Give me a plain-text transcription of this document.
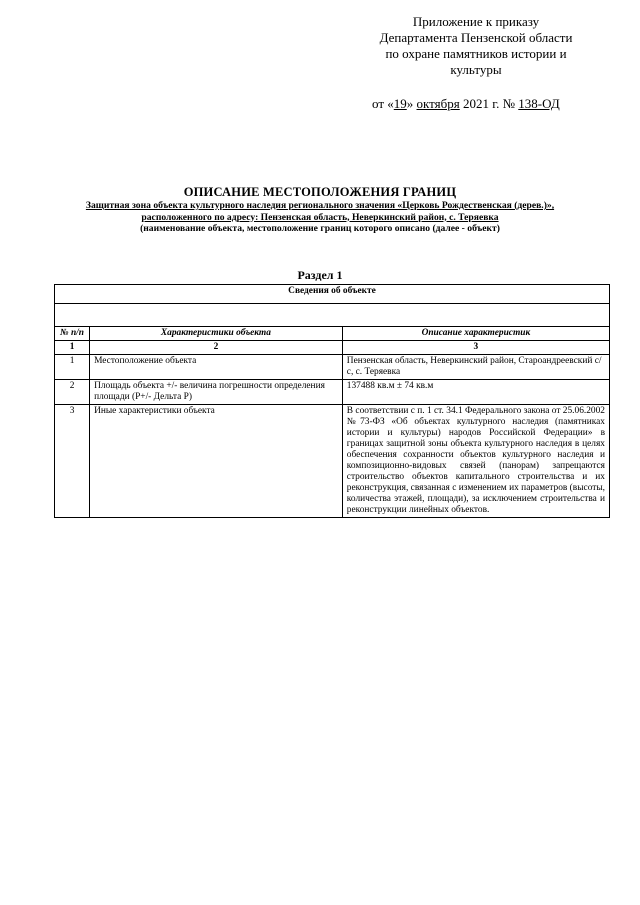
Приложение к приказу
Департамента Пензенской области
по охране памятников истории и
культуры
от «19» октября 2021 г. № 138-ОД
ОПИСАНИЕ МЕСТОПОЛОЖЕНИЯ ГРАНИЦ
Защитная зона объекта культурного наследия регионального значения «Церковь Рождественская (дерев.)»,
расположенного по адресу: Пензенская область, Неверкинский район, с. Теряевка
(наименование объекта, местоположение границ которого описано (далее - объект)
Раздел 1
Сведения об объекте		

№ п/п	Характеристики объекта	Описание характеристик
1	2	3
1	Местоположение объекта	Пензенская область, Неверкинский район, Староандреевский с/с, с. Теряевка
2	Площадь объекта +/- величина погрешности определения площади (Р+/- Дельта Р)	137488 кв.м ± 74 кв.м
3	Иные характеристики объекта	В соответствии с п. 1 ст. 34.1 Федерального закона от 25.06.2002 №73-ФЗ «Об объектах культурного наследия (памятниках истории и культуры) народов Российской Федерации» в границах защитной зоны объекта культурного наследия в целях обеспечения сохранности объектов культурного наследия и композиционно-видовых связей (панорам) запрещаются строительство объектов капитального строительства и их реконструкция, связанная с изменением их параметров (высоты, количества этажей, площади), за исключением строительства и реконструкции линейных объектов.
